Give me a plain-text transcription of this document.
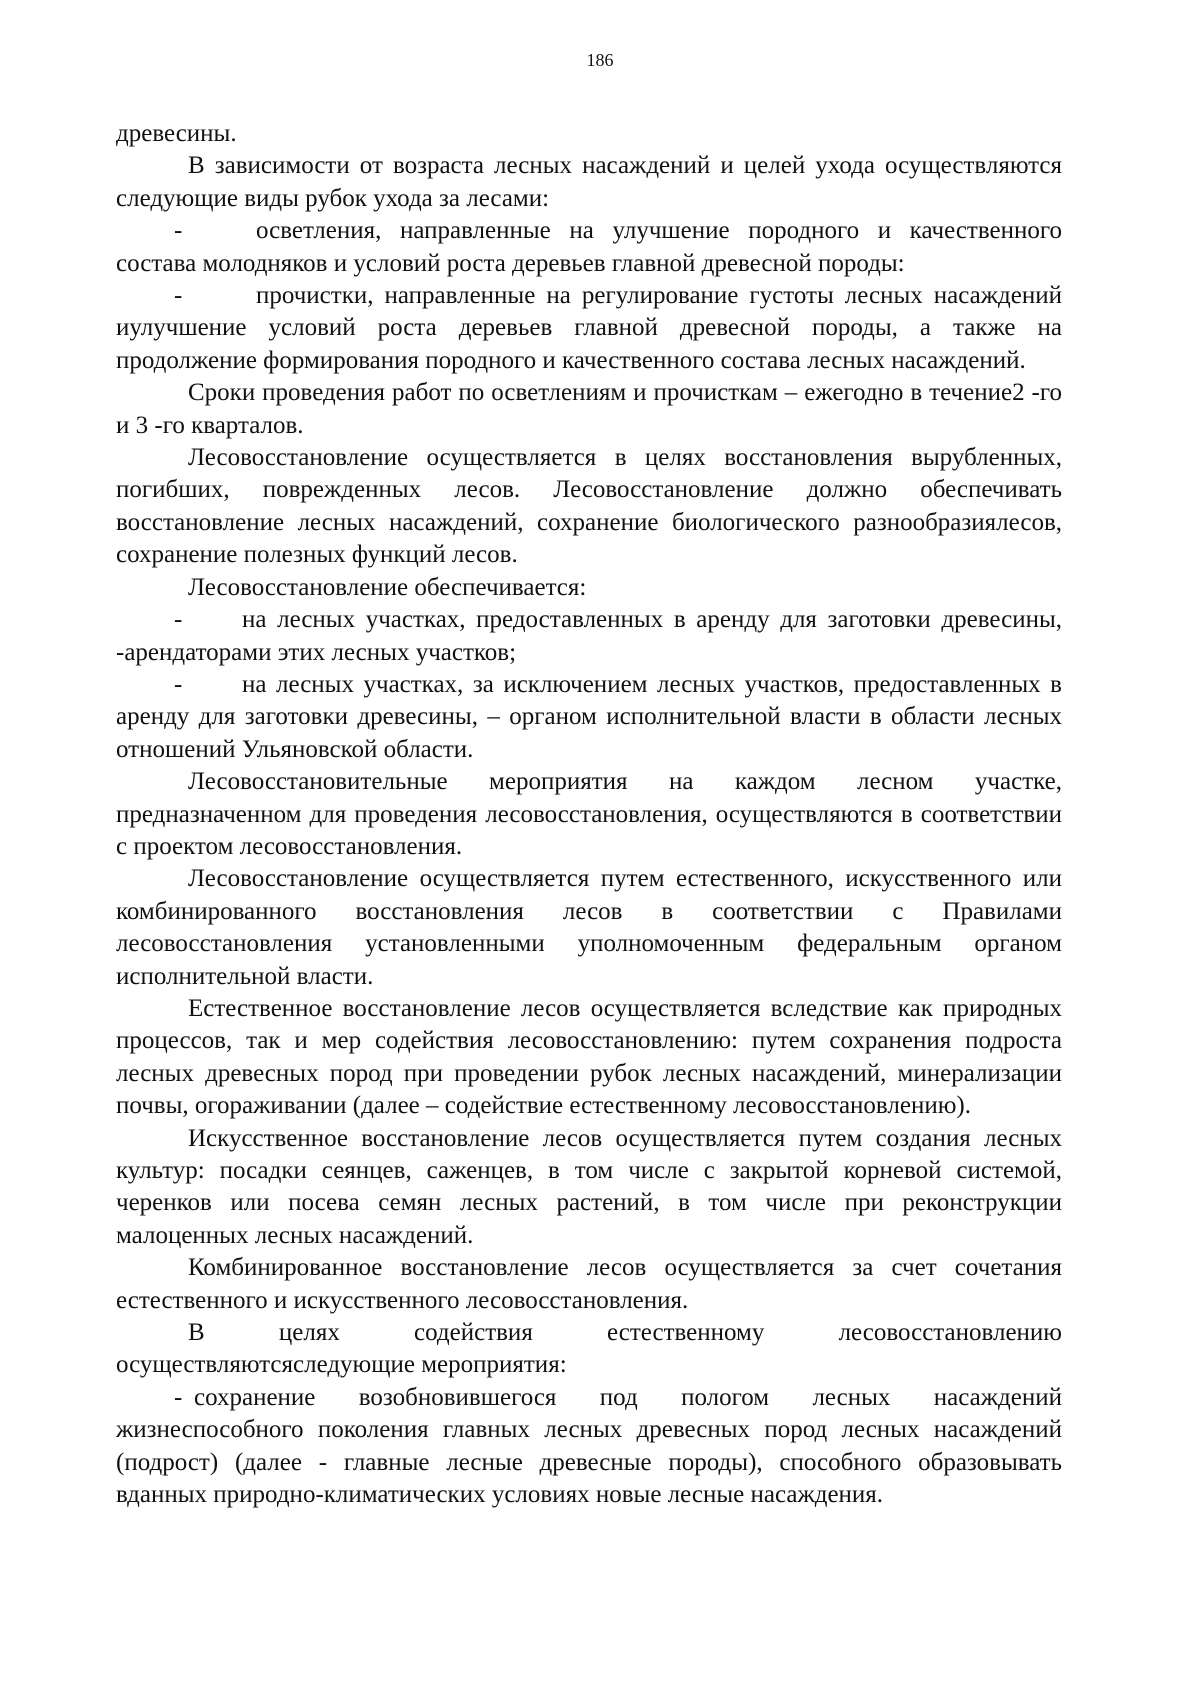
186

древесины.

В зависимости от возраста лесных насаждений и целей ухода осуществляются следующие виды рубок ухода за лесами:

-	осветления, направленные на улучшение породного и качественного состава молодняков и условий роста деревьев главной древесной породы:

-	прочистки, направленные на регулирование густоты лесных насаждений иулучшение условий роста деревьев главной древесной породы, а также на продолжение формирования породного и качественного состава лесных насаждений.

Сроки проведения работ по осветлениям и прочисткам – ежегодно в течение2 -го и 3 -го кварталов.

Лесовосстановление осуществляется в целях восстановления вырубленных, погибших, поврежденных лесов. Лесовосстановление должно обеспечивать восстановление лесных насаждений, сохранение биологического разнообразиялесов, сохранение полезных функций лесов.

Лесовосстановление обеспечивается:

- на лесных участках, предоставленных в аренду для заготовки древесины, -арендаторами этих лесных участков;

- на лесных участках, за исключением лесных участков, предоставленных в аренду для заготовки древесины, – органом исполнительной власти в области лесных отношений Ульяновской области.

Лесовосстановительные мероприятия на каждом лесном участке, предназначенном для проведения лесовосстановления, осуществляются в соответствии с проектом лесовосстановления.

Лесовосстановление осуществляется путем естественного, искусственного или комбинированного восстановления лесов в соответствии с Правилами лесовосстановления установленными уполномоченным федеральным органом исполнительной власти.

Естественное восстановление лесов осуществляется вследствие как природных процессов, так и мер содействия лесовосстановлению: путем сохранения подроста лесных древесных пород при проведении рубок лесных насаждений, минерализации почвы, огораживании (далее – содействие естественному лесовосстановлению).

Искусственное восстановление лесов осуществляется путем создания лесных культур: посадки сеянцев, саженцев, в том числе с закрытой корневой системой, черенков или посева семян лесных растений, в том числе при реконструкции малоценных лесных насаждений.

Комбинированное восстановление лесов осуществляется за счет сочетания естественного и искусственного лесовосстановления.

В целях содействия естественному лесовосстановлению осуществляютсяследующие мероприятия:

- сохранение возобновившегося под пологом лесных насаждений жизнеспособного поколения главных лесных древесных пород лесных насаждений (подрост) (далее - главные лесные древесные породы), способного образовывать вданных природно-климатических условиях новые лесные насаждения.
